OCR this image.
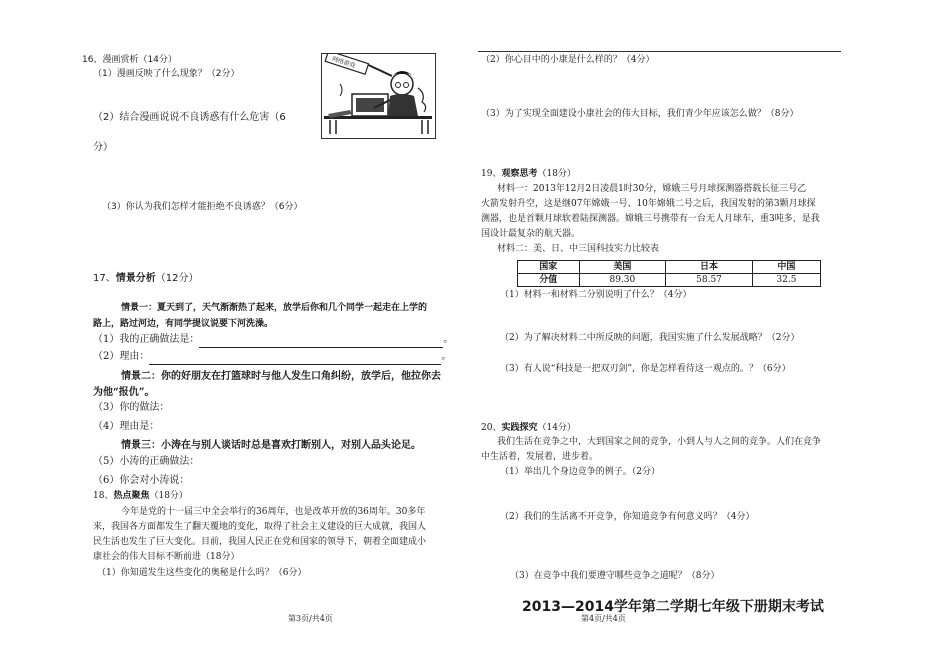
16、漫画赏析（14分）
（1）漫画反映了什么现象？（2分）
网络游戏
（2）结合漫画说说不良诱惑有什么危害（6
分）
（3）你认为我们怎样才能拒绝不良诱惑？（6分）
17、情景分析（12分）
情景一：夏天到了，天气渐渐热了起来，放学后你和几个同学一起走在上学的
路上，路过河边，有同学提议说要下河洗澡。
（1）我的正确做法是：	。
（2）理由：	。
情景二：你的好朋友在打篮球时与他人发生口角纠纷，放学后，他拉你去
为他“报仇”。
（3）你的做法：
（4）理由是：
情景三：小涛在与别人谈话时总是喜欢打断别人，对别人品头论足。
（5）小涛的正确做法：
（6）你会对小涛说：
18、热点聚焦（18分）
今年是党的十一届三中全会举行的36周年，也是改革开放的36周年。30多年
来，我国各方面都发生了翻天覆地的变化，取得了社会主义建设的巨大成就，我国人
民生活也发生了巨大变化。目前，我国人民正在党和国家的领导下，朝着全面建成小
康社会的伟大目标不断前进（18分）
（1）你知道发生这些变化的奥秘是什么吗？（6分）
第3页/共4页
（2）你心目中的小康是什么样的？（4分）
（3）为了实现全面建设小康社会的伟大目标，我们青少年应该怎么做？（8分）
19、观察思考（18分）
材料一：2013年12月2日凌晨1时30分，嫦娥三号月球探测器搭载长征三号乙
火箭发射升空，这是继07年嫦娥一号、10年嫦娥二号之后，我国发射的第3颗月球探
测器，也是首颗月球软着陆探测器。嫦娥三号携带有一台无人月球车，重3吨多，是我
国设计最复杂的航天器。
材料二：美、日、中三国科技实力比较表
国家	美国	日本	中国
分值	89.30	58.57	32.5
（1）材料一和材料二分别说明了什么？（4分）
（2）为了解决材料二中所反映的问题，我国实施了什么发展战略？（2分）
（3）有人说“科技是一把双刃剑”，你是怎样看待这一观点的。？（6分）
20、实践探究（14分）
我们生活在竞争之中，大到国家之间的竞争，小到人与人之间的竞争。人们在竞争
中生活着，发展着，进步着。
（1）举出几个身边竞争的例子。（2分）
（2）我们的生活离不开竞争，你知道竞争有何意义吗？（4分）
（3）在竞争中我们要遵守哪些竞争之道呢？（8分）
2013—2014学年第二学期七年级下册期末考试
第4页/共4页
